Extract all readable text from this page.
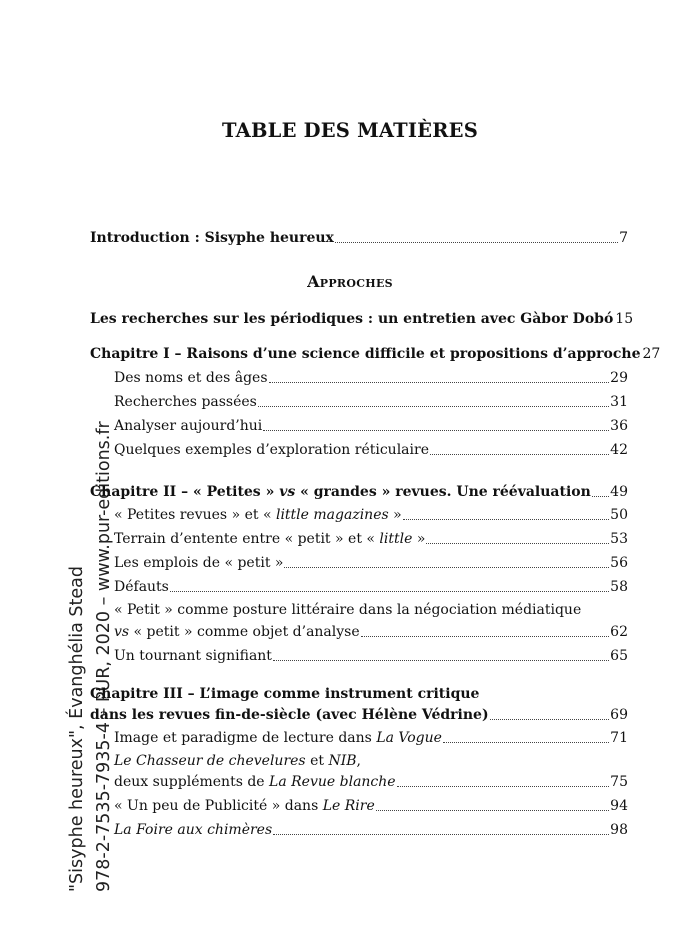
TABLE DES MATIÈRES
"Sisyphe heureux", Évanghélia Stead 978-2-7535-7935-4 – PUR, 2020 – www.pur-editions.fr
Introduction : Sisyphe heureux	7
Approches
Les recherches sur les périodiques : un entretien avec Gàbor Dobó 15
Chapitre I – Raisons d’une science difficile et propositions d’approche 27
Des noms et des âges	29
Recherches passées	31
Analyser aujourd’hui	36
Quelques exemples d’exploration réticulaire	42
Chapitre II – « Petites » vs « grandes » revues. Une réévaluation 49
« Petites revues » et « little magazines »	50
Terrain d’entente entre « petit » et « little »	53
Les emplois de « petit »	56
Défauts	58
« Petit » comme posture littéraire dans la négociation médiatique
vs « petit » comme objet d’analyse	62
Un tournant signifiant	65
Chapitre III – L’image comme instrument critique
dans les revues fin-de-siècle (avec Hélène Védrine)	69
Image et paradigme de lecture dans La Vogue	71
Le Chasseur de chevelures et NIB,
deux suppléments de La Revue blanche	75
« Un peu de Publicité » dans Le Rire	94
La Foire aux chimères	98
